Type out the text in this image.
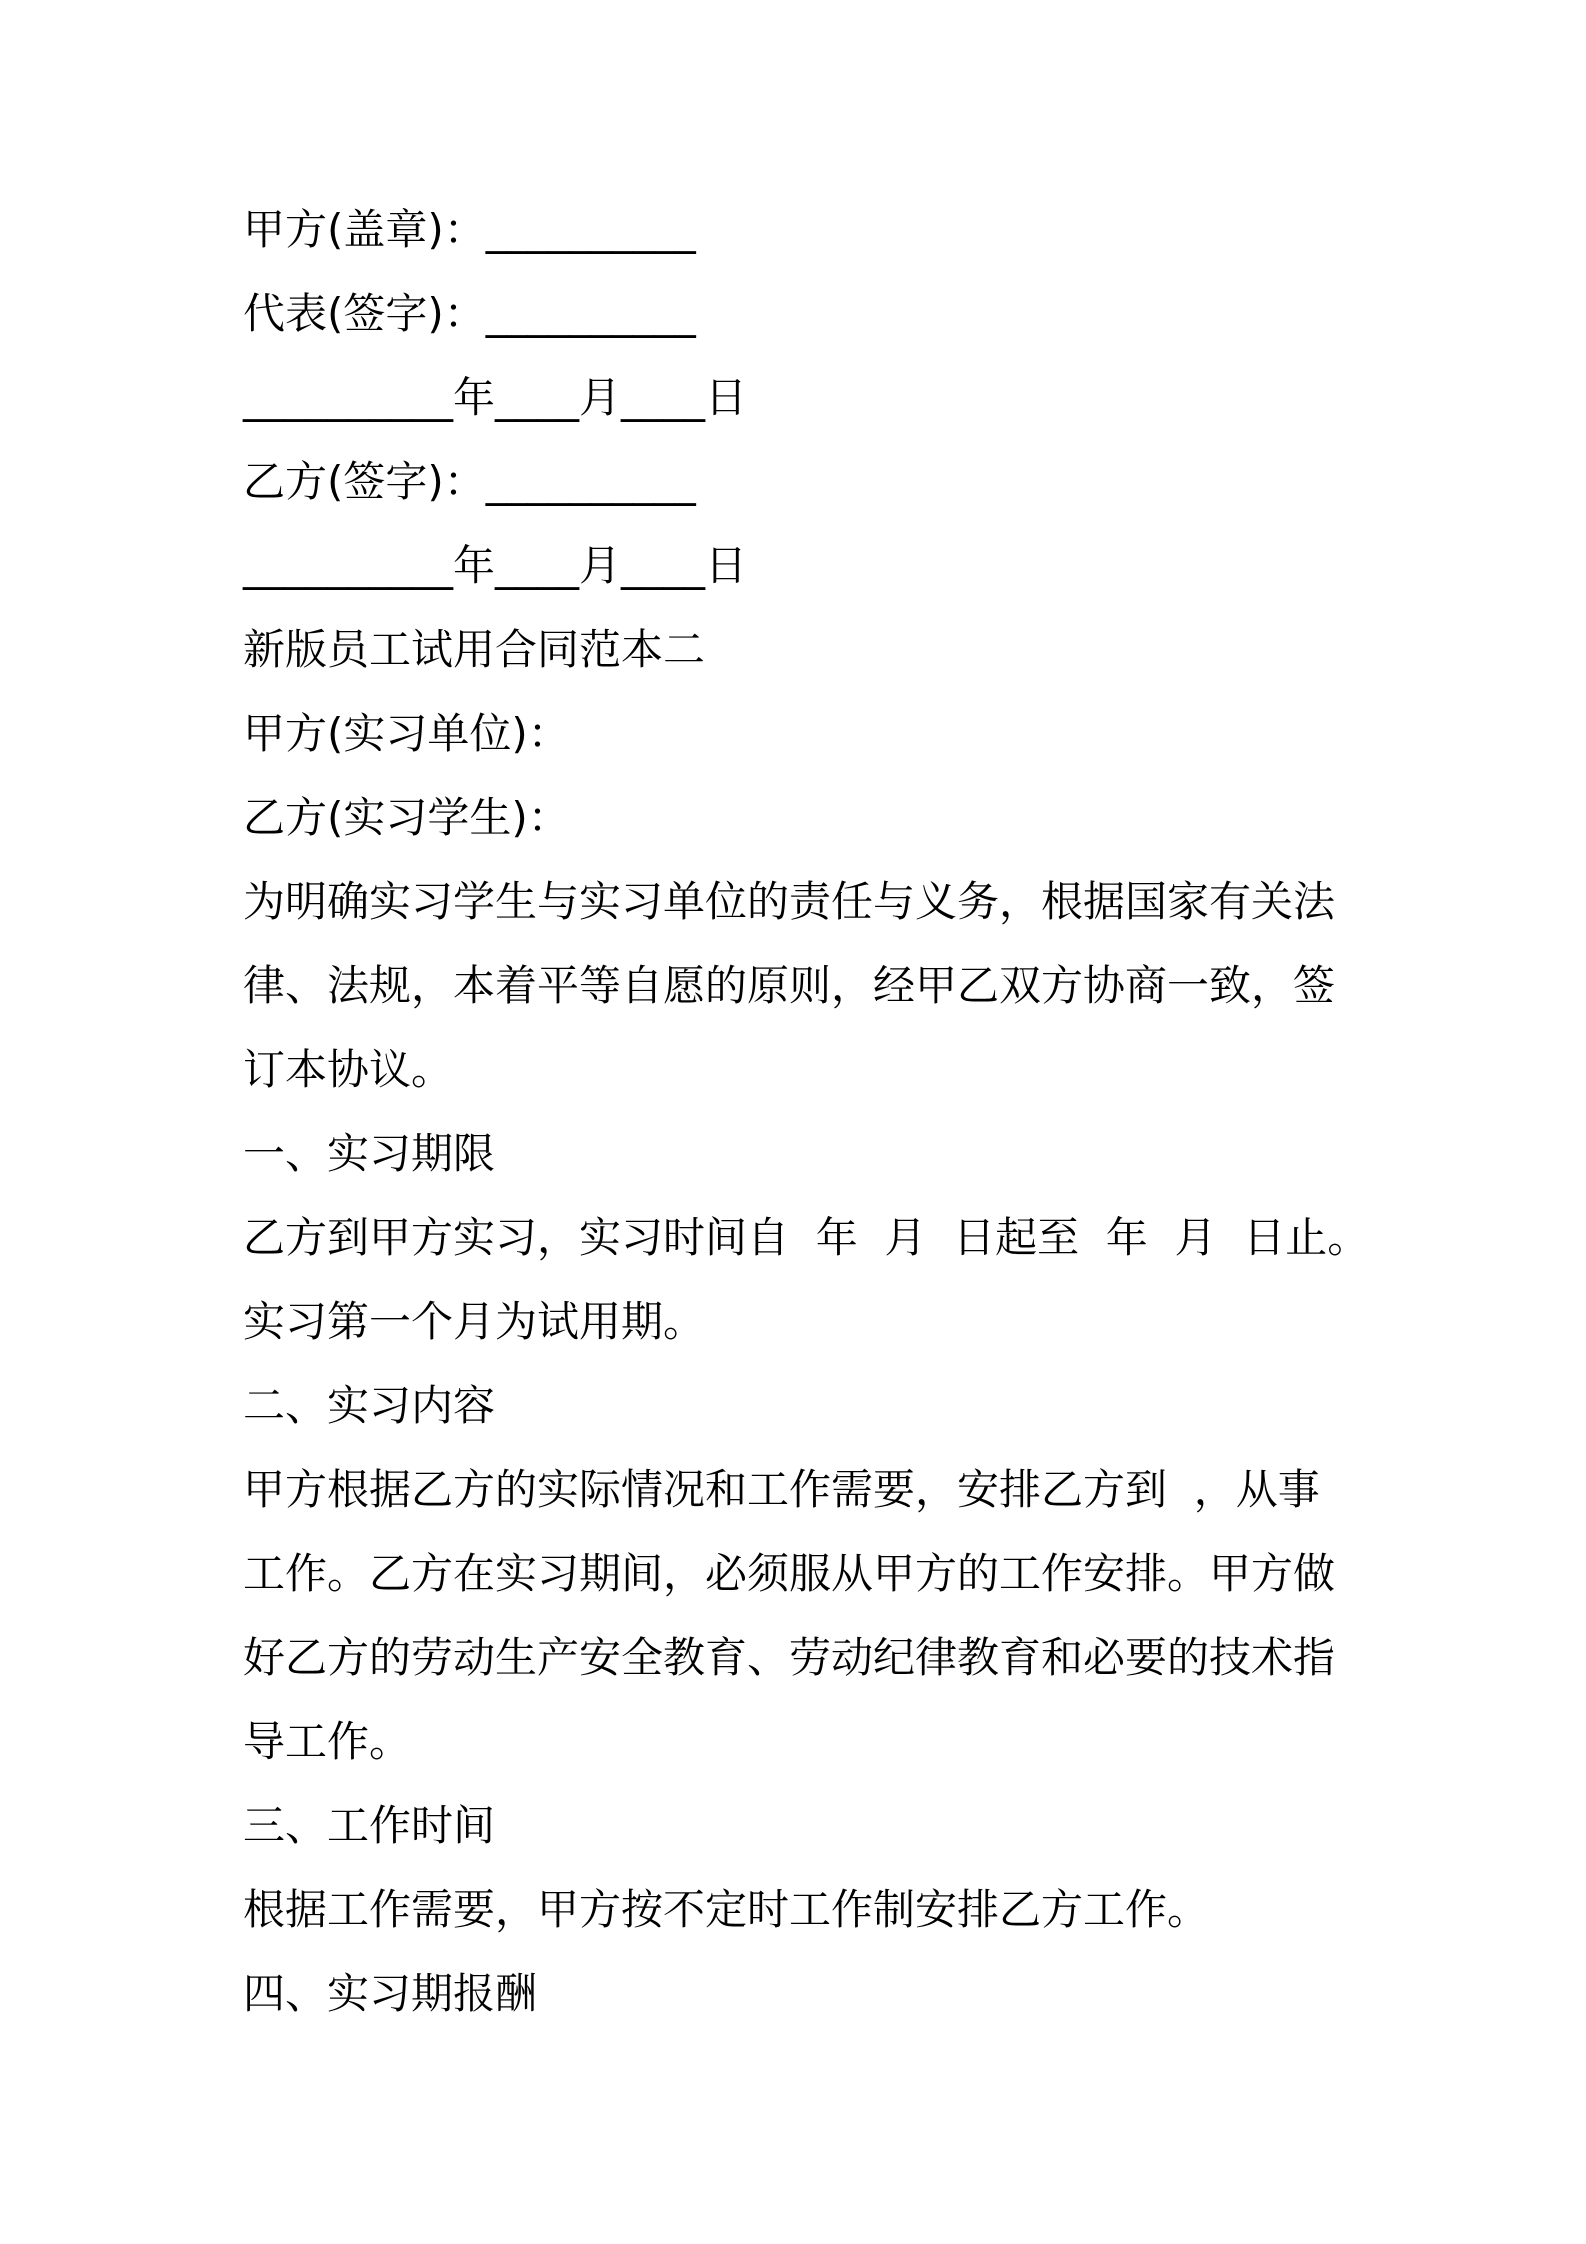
甲方(盖章)：__________
代表(签字)：__________
__________年____月____日
乙方(签字)：__________
__________年____月____日
新版员工试用合同范本二
甲方(实习单位)：
乙方(实习学生)：
为明确实习学生与实习单位的责任与义务，根据国家有关法
律、法规，本着平等自愿的原则，经甲乙双方协商一致，签
订本协议。
一、实习期限
乙方到甲方实习，实习时间自  年  月  日起至  年  月  日止。
实习第一个月为试用期。
二、实习内容
甲方根据乙方的实际情况和工作需要，安排乙方到  ，从事
工作。乙方在实习期间，必须服从甲方的工作安排。甲方做
好乙方的劳动生产安全教育、劳动纪律教育和必要的技术指
导工作。
三、工作时间
根据工作需要，甲方按不定时工作制安排乙方工作。
四、实习期报酬
